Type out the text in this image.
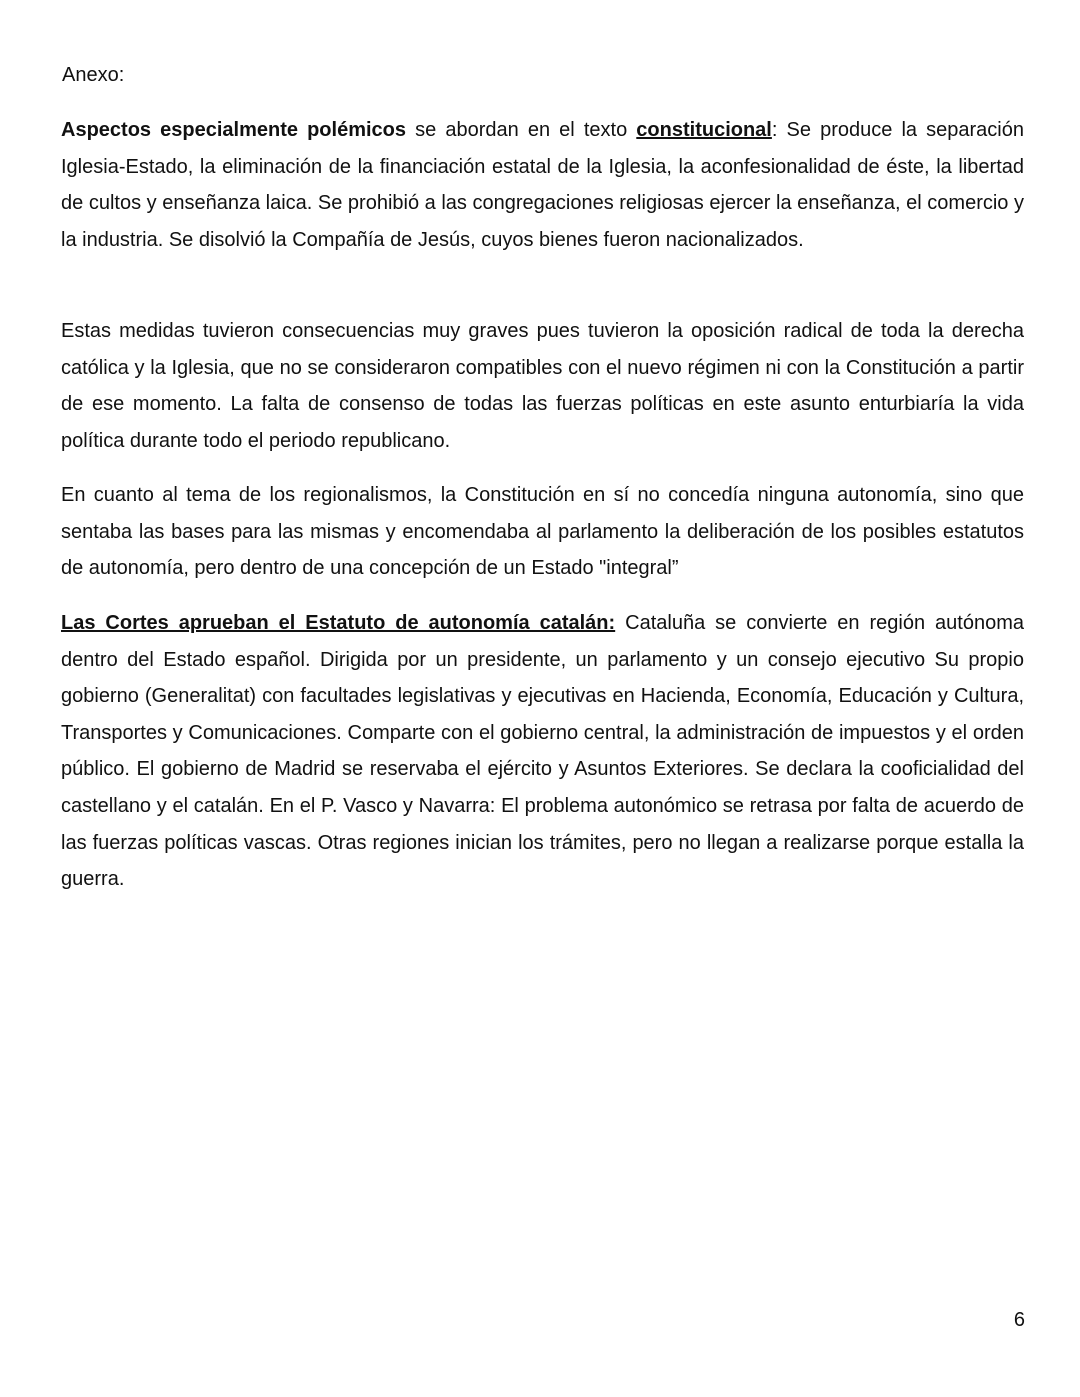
Anexo:

Aspectos especialmente polémicos se abordan en el texto constitucional: Se produce la separación Iglesia-Estado, la eliminación de la financiación estatal de la Iglesia, la aconfesionalidad de éste, la libertad de cultos y enseñanza laica. Se prohibió a las congregaciones religiosas ejercer la enseñanza, el comercio y la industria. Se disolvió la Compañía de Jesús, cuyos bienes fueron nacionalizados.

Estas medidas tuvieron consecuencias muy graves pues tuvieron la oposición radical de toda la derecha católica y la Iglesia, que no se consideraron compatibles con el nuevo régimen ni con la Constitución a partir de ese momento. La falta de consenso de todas las fuerzas políticas en este asunto enturbiaría la vida política durante todo el periodo republicano.

En cuanto al tema de los regionalismos, la Constitución en sí no concedía ninguna autonomía, sino que sentaba las bases para las mismas y encomendaba al parlamento la deliberación de los posibles estatutos de autonomía, pero dentro de una concepción de un Estado "integral”

Las Cortes aprueban el Estatuto de autonomía catalán: Cataluña se convierte en región autónoma dentro del Estado español. Dirigida por un presidente, un parlamento y un consejo ejecutivo Su propio gobierno (Generalitat) con facultades legislativas y ejecutivas en Hacienda, Economía, Educación y Cultura, Transportes y Comunicaciones. Comparte con el gobierno central, la administración de impuestos y el orden público. El gobierno de Madrid se reservaba el ejército y Asuntos Exteriores. Se declara la cooficialidad del castellano y el catalán. En el P. Vasco y Navarra: El problema autonómico se retrasa por falta de acuerdo de las fuerzas políticas vascas. Otras regiones inician los trámites, pero no llegan a realizarse porque estalla la guerra.

6
